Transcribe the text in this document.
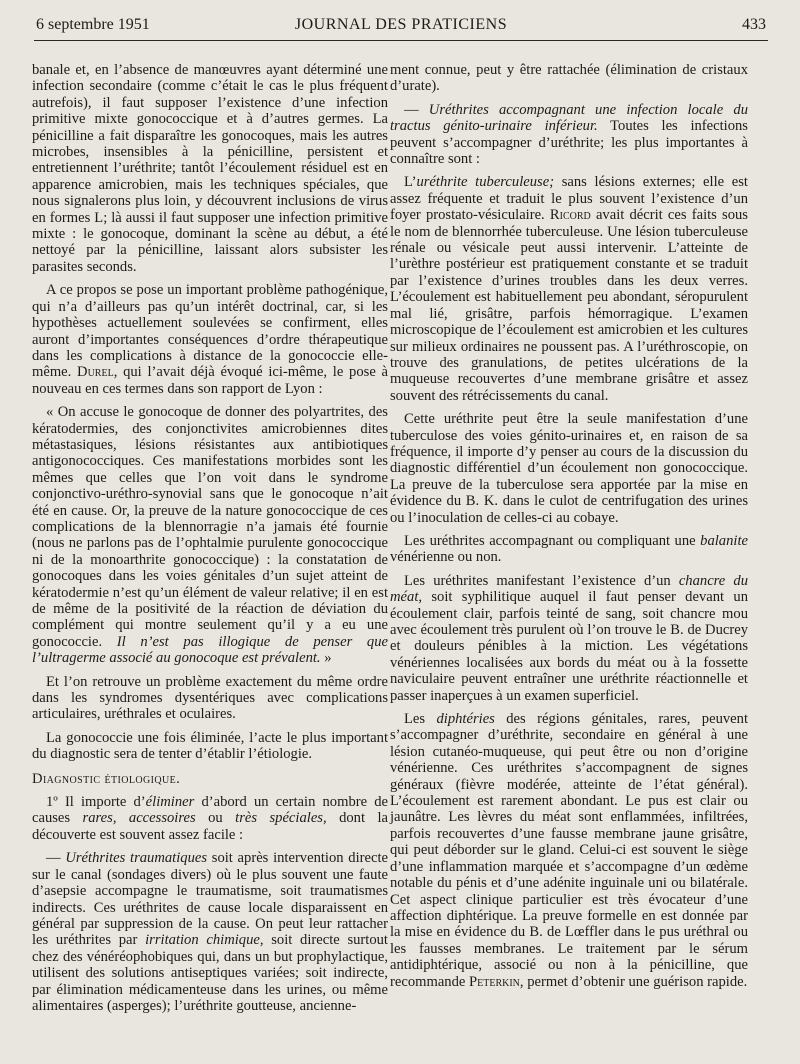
6 septembre 1951	JOURNAL DES PRATICIENS	433

banale et, en l’absence de manœuvres ayant déterminé une infection secondaire (comme c’était le cas le plus fréquent autrefois), il faut supposer l’existence d’une infection primitive mixte gonococcique et à d’autres germes. La pénicilline a fait disparaître les gonocoques, mais les autres microbes, insensibles à la pénicilline, persistent et entretiennent l’uréthrite; tantôt l’écoulement résiduel est en apparence amicrobien, mais les techniques spéciales, que nous signalerons plus loin, y découvrent inclusions de virus en formes L; là aussi il faut supposer une infection primitive mixte : le gonocoque, dominant la scène au début, a été nettoyé par la pénicilline, laissant alors subsister les parasites seconds.

A ce propos se pose un important problème pathogénique, qui n’a d’ailleurs pas qu’un intérêt doctrinal, car, si les hypothèses actuellement soulevées se confirment, elles auront d’importantes conséquences d’ordre thérapeutique dans les complications à distance de la gonococcie elle-même. Durel, qui l’avait déjà évoqué ici-même, le pose à nouveau en ces termes dans son rapport de Lyon :

« On accuse le gonocoque de donner des polyartrites, des kératodermies, des conjonctivites amicrobiennes dites métastasiques, lésions résistantes aux antibiotiques antigonococciques. Ces manifestations morbides sont les mêmes que celles que l’on voit dans le syndrome conjonctivo-uréthro-synovial sans que le gonocoque n’ait été en cause. Or, la preuve de la nature gonococcique de ces complications de la blennorragie n’a jamais été fournie (nous ne parlons pas de l’ophtalmie purulente gonococcique ni de la monoarthrite gonococcique) : la constatation de gonocoques dans les voies génitales d’un sujet atteint de kératodermie n’est qu’un élément de valeur relative; il en est de même de la positivité de la réaction de déviation du complément qui montre seulement qu’il y a eu une gonococcie. Il n’est pas illogique de penser que l’ultragerme associé au gonocoque est prévalent. »

Et l’on retrouve un problème exactement du même ordre dans les syndromes dysentériques avec complications articulaires, uréthrales et oculaires.

La gonococcie une fois éliminée, l’acte le plus important du diagnostic sera de tenter d’établir l’étiologie.

Diagnostic étiologique.

1º Il importe d’éliminer d’abord un certain nombre de causes rares, accessoires ou très spéciales, dont la découverte est souvent assez facile :

— Uréthrites traumatiques soit après intervention directe sur le canal (sondages divers) où le plus souvent une faute d’asepsie accompagne le traumatisme, soit traumatismes indirects. Ces uréthrites de cause locale disparaissent en général par suppression de la cause. On peut leur rattacher les uréthrites par irritation chimique, soit directe surtout chez des vénéréophobiques qui, dans un but prophylactique, utilisent des solutions antiseptiques variées; soit indirecte, par élimination médicamenteuse dans les urines, ou même alimentaires (asperges); l’uréthrite goutteuse, ancienne-

ment connue, peut y être rattachée (élimination de cristaux d’urate).

— Uréthrites accompagnant une infection locale du tractus génito-urinaire inférieur. Toutes les infections peuvent s’accompagner d’uréthrite; les plus importantes à connaître sont :

L’uréthrite tuberculeuse; sans lésions externes; elle est assez fréquente et traduit le plus souvent l’existence d’un foyer prostato-vésiculaire. Ricord avait décrit ces faits sous le nom de blennorrhée tuberculeuse. Une lésion tuberculeuse rénale ou vésicale peut aussi intervenir. L’atteinte de l’urèthre postérieur est pratiquement constante et se traduit par l’existence d’urines troubles dans les deux verres. L’écoulement est habituellement peu abondant, séropurulent mal lié, grisâtre, parfois hémorragique. L’examen microscopique de l’écoulement est amicrobien et les cultures sur milieux ordinaires ne poussent pas. A l’uréthroscopie, on trouve des granulations, de petites ulcérations de la muqueuse recouvertes d’une membrane grisâtre et assez souvent des rétrécissements du canal.

Cette uréthrite peut être la seule manifestation d’une tuberculose des voies génito-urinaires et, en raison de sa fréquence, il importe d’y penser au cours de la discussion du diagnostic différentiel d’un écoulement non gonococcique. La preuve de la tuberculose sera apportée par la mise en évidence du B. K. dans le culot de centrifugation des urines ou l’inoculation de celles-ci au cobaye.

Les uréthrites accompagnant ou compliquant une balanite vénérienne ou non.

Les uréthrites manifestant l’existence d’un chancre du méat, soit syphilitique auquel il faut penser devant un écoulement clair, parfois teinté de sang, soit chancre mou avec écoulement très purulent où l’on trouve le B. de Ducrey et douleurs pénibles à la miction. Les végétations vénériennes localisées aux bords du méat ou à la fossette naviculaire peuvent entraîner une uréthrite réactionnelle et passer inaperçues à un examen superficiel.

Les diphtéries des régions génitales, rares, peuvent s’accompagner d’uréthrite, secondaire en général à une lésion cutanéo-muqueuse, qui peut être ou non d’origine vénérienne. Ces uréthrites s’accompagnent de signes généraux (fièvre modérée, atteinte de l’état général). L’écoulement est rarement abondant. Le pus est clair ou jaunâtre. Les lèvres du méat sont enflammées, infiltrées, parfois recouvertes d’une fausse membrane jaune grisâtre, qui peut déborder sur le gland. Celui-ci est souvent le siège d’une inflammation marquée et s’accompagne d’un œdème notable du pénis et d’une adénite inguinale uni ou bilatérale. Cet aspect clinique particulier est très évocateur d’une affection diphtérique. La preuve formelle en est donnée par la mise en évidence du B. de Lœffler dans le pus uréthral ou les fausses membranes. Le traitement par le sérum antidiphtérique, associé ou non à la pénicilline, que recommande Peterkin, permet d’obtenir une guérison rapide.
